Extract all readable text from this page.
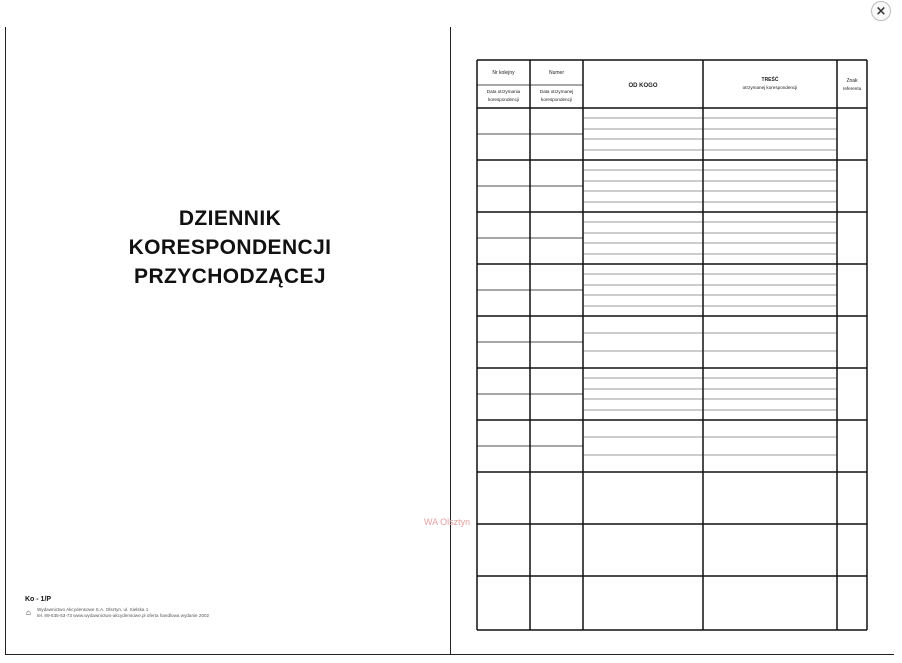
×
DZIENNIK
KORESPONDENCJI
PRZYCHODZĄCEJ
Ko - 1/P
⌂ Wydawnictwo Akcydensowe S.A. Olsztyn, ul. Sielska 1
tel. 89-535-53-73 www.wydawnictwo-akcydensowe.pl oferta handlowa wydanie 2002
WA Olsztyn
Nr kolejny
Data otrzymania
korespondencji
Numer
Data otrzymanej
korespondencji
OD KOGO
TREŚĆ
otrzymanej korespondencji
Znak
referenta
